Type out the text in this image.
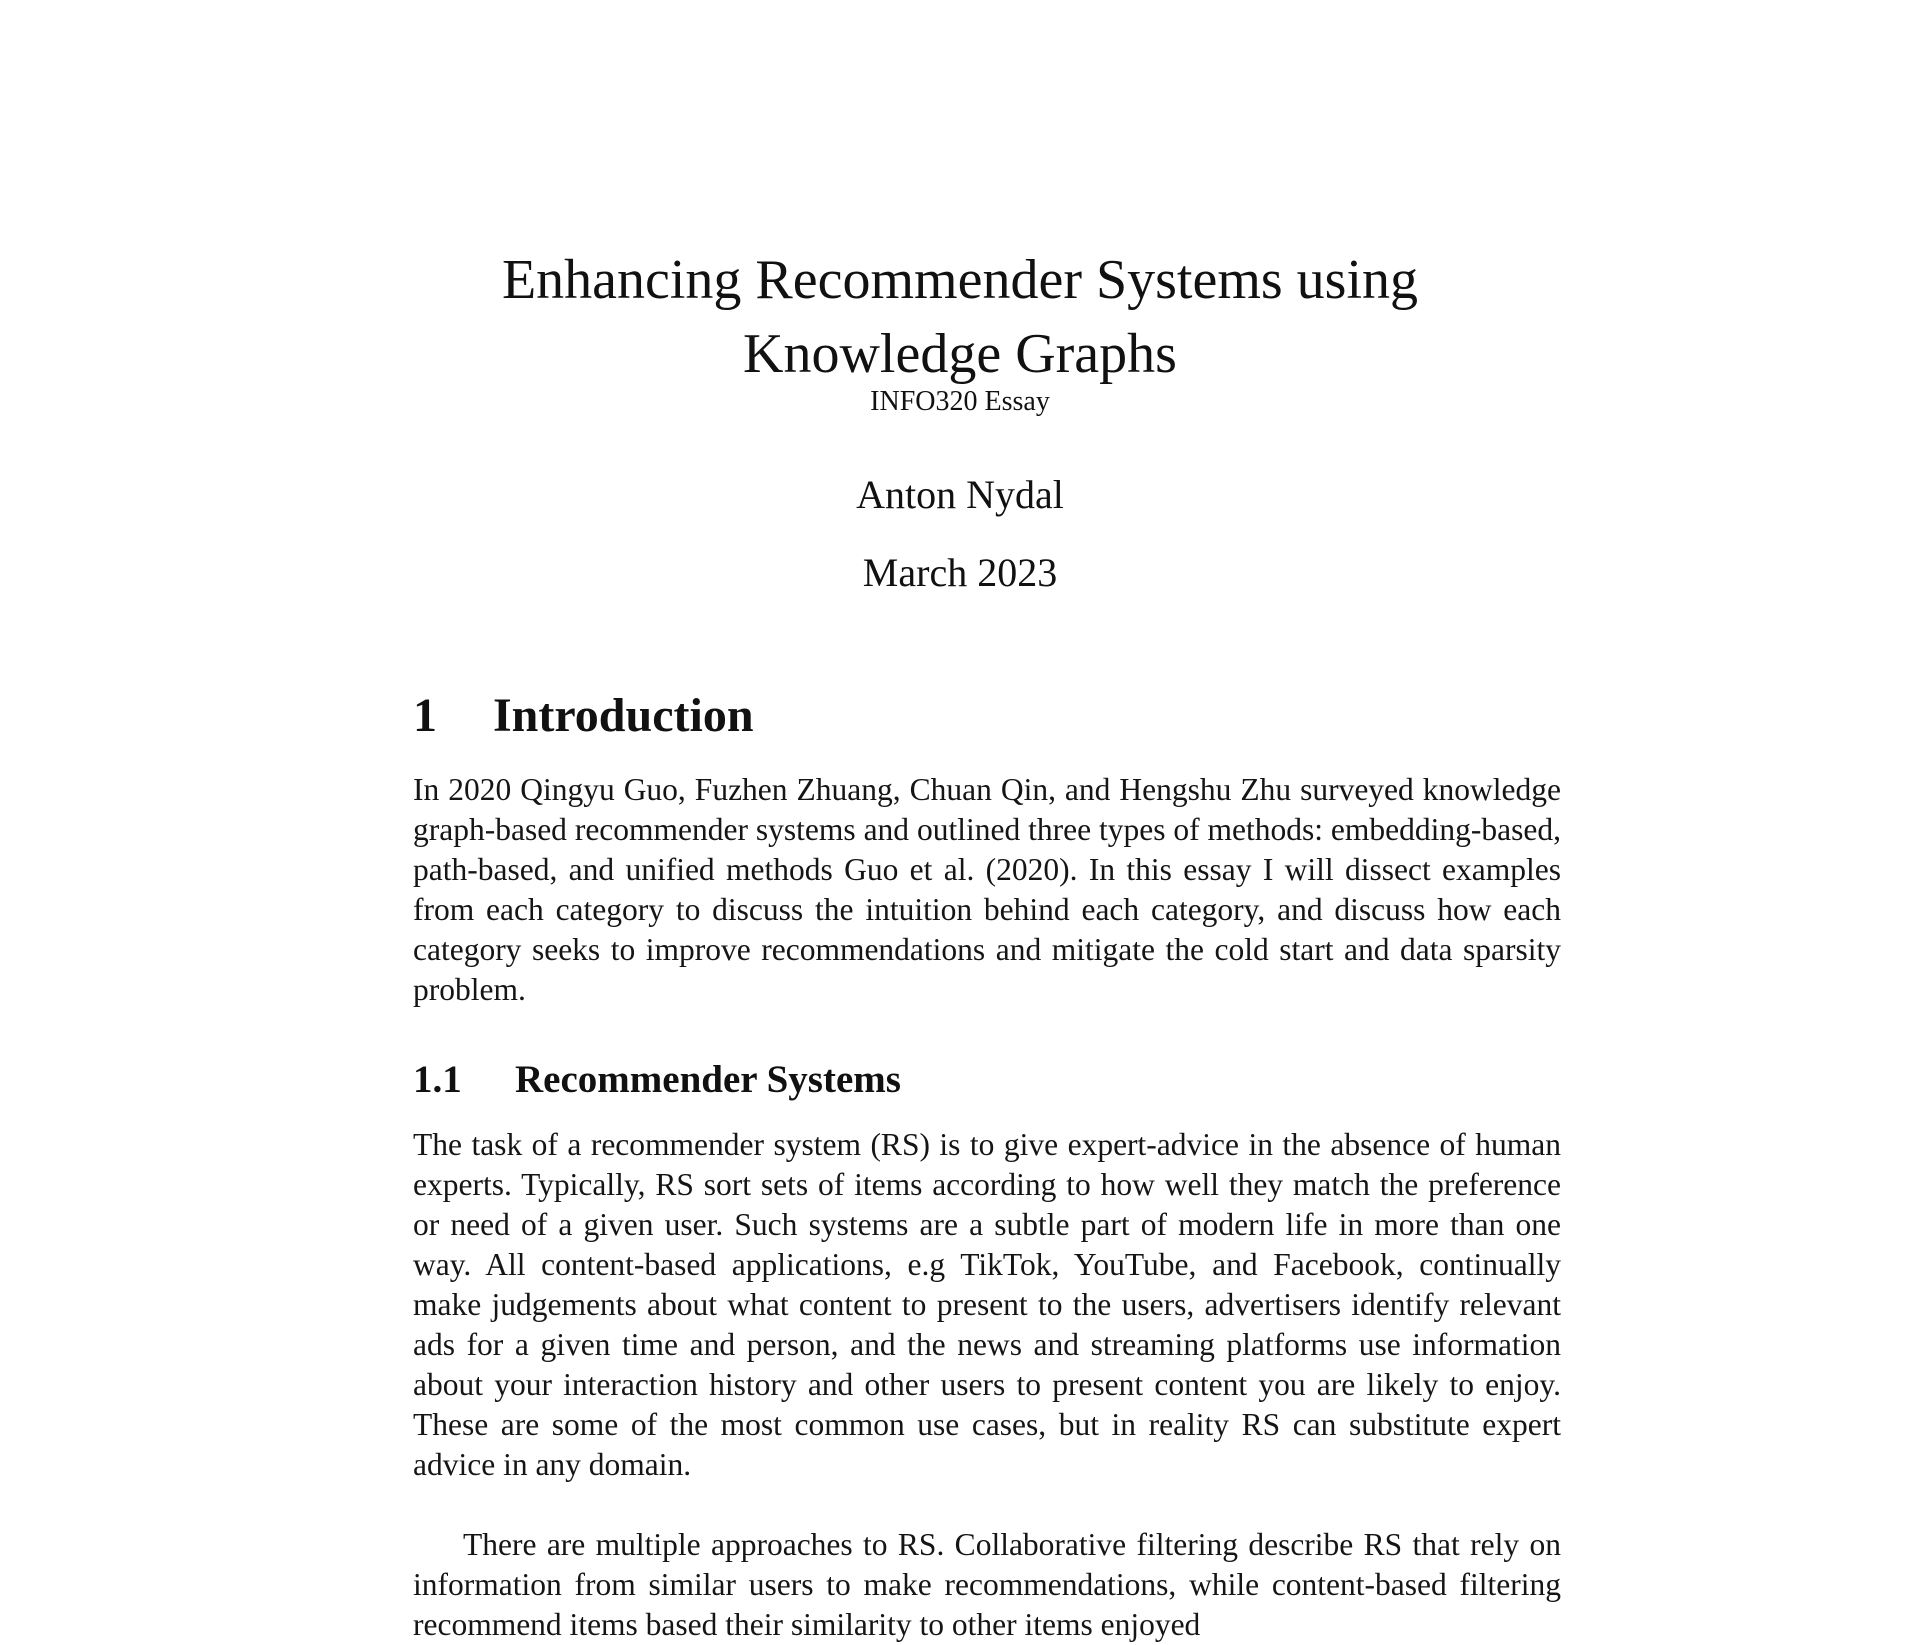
Enhancing Recommender Systems using
Knowledge Graphs
INFO320 Essay
Anton Nydal
March 2023
1 Introduction
In 2020 Qingyu Guo, Fuzhen Zhuang, Chuan Qin, and Hengshu Zhu surveyed knowledge graph-based recommender systems and outlined three types of methods: embedding-based, path-based, and unified methods Guo et al. (2020). In this essay I will dissect examples from each category to discuss the intuition behind each category, and discuss how each category seeks to improve recommendations and mitigate the cold start and data sparsity problem.
1.1 Recommender Systems
The task of a recommender system (RS) is to give expert-advice in the absence of human experts. Typically, RS sort sets of items according to how well they match the preference or need of a given user. Such systems are a subtle part of modern life in more than one way. All content-based applications, e.g TikTok, YouTube, and Facebook, continually make judgements about what content to present to the users, advertisers identify relevant ads for a given time and person, and the news and streaming platforms use information about your interaction history and other users to present content you are likely to enjoy. These are some of the most common use cases, but in reality RS can substitute expert advice in any domain.
There are multiple approaches to RS. Collaborative filtering describe RS that rely on information from similar users to make recommendations, while content-based filtering recommend items based their similarity to other items enjoyed
